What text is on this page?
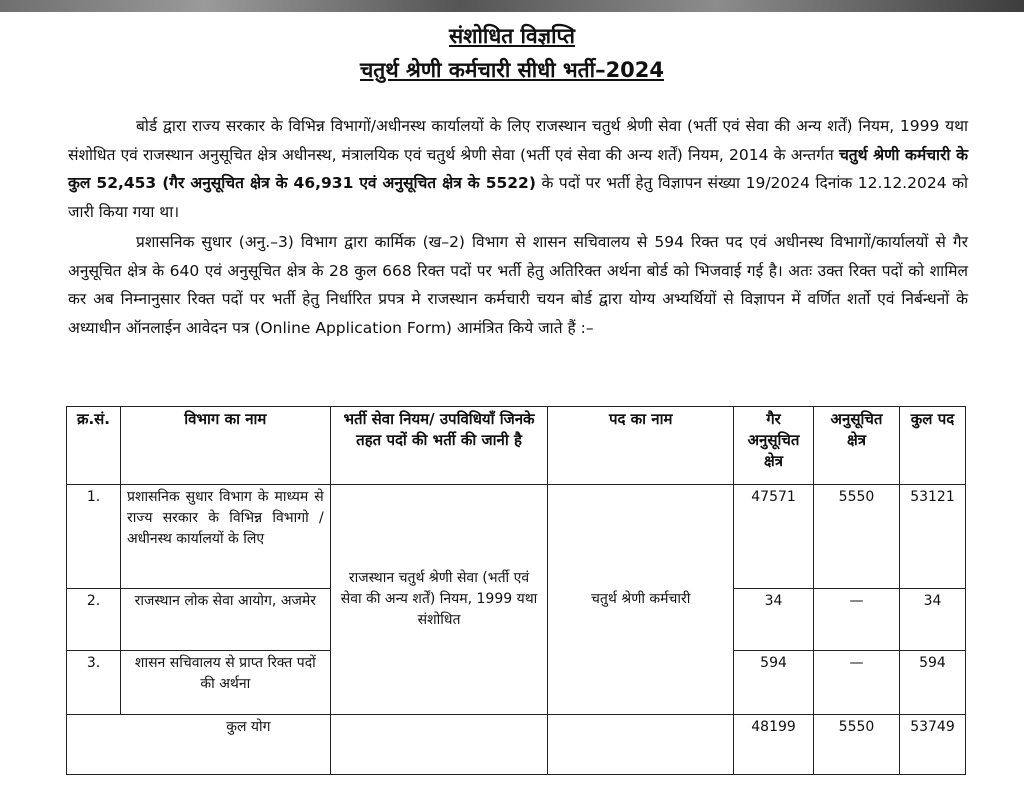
संशोधित विज्ञप्ति
चतुर्थ श्रेणी कर्मचारी सीधी भर्ती–2024
बोर्ड द्वारा राज्य सरकार के विभिन्न विभागों/अधीनस्थ कार्यालयों के लिए राजस्थान चतुर्थ श्रेणी सेवा (भर्ती एवं सेवा की अन्य शर्तें) नियम, 1999 यथा संशोधित एवं राजस्थान अनुसूचित क्षेत्र अधीनस्थ, मंत्रालयिक एवं चतुर्थ श्रेणी सेवा (भर्ती एवं सेवा की अन्य शर्तें) नियम, 2014 के अन्तर्गत चतुर्थ श्रेणी कर्मचारी के कुल 52,453 (गैर अनुसूचित क्षेत्र के 46,931 एवं अनुसूचित क्षेत्र के 5522) के पदों पर भर्ती हेतु विज्ञापन संख्या 19/2024 दिनांक 12.12.2024 को जारी किया गया था।
प्रशासनिक सुधार (अनु.–3) विभाग द्वारा कार्मिक (ख–2) विभाग से शासन सचिवालय से 594 रिक्त पद एवं अधीनस्थ विभागों/कार्यालयों से गैर अनुसूचित क्षेत्र के 640 एवं अनुसूचित क्षेत्र के 28 कुल 668 रिक्त पदों पर भर्ती हेतु अतिरिक्त अर्थना बोर्ड को भिजवाई गई है। अतः उक्त रिक्त पदों को शामिल कर अब निम्नानुसार रिक्त पदों पर भर्ती हेतु निर्धारित प्रपत्र मे राजस्थान कर्मचारी चयन बोर्ड द्वारा योग्य अभ्यर्थियों से विज्ञापन में वर्णित शर्तो एवं निर्बन्धनों के अध्याधीन ऑनलाईन आवेदन पत्र (Online Application Form) आमंत्रित किये जाते हैं :–
क्र.सं.	विभाग का नाम	भर्ती सेवा नियम/ उपविधियॉं जिनके तहत पदों की भर्ती की जानी है	पद का नाम	गैर अनुसूचित क्षेत्र	अनुसूचित क्षेत्र	कुल पद
1.	प्रशासनिक सुधार विभाग के माध्यम से राज्य सरकार के विभिन्न विभागो /अधीनस्थ कार्यालयों के लिए	राजस्थान चतुर्थ श्रेणी सेवा (भर्ती एवं सेवा की अन्य शर्तें) नियम, 1999 यथा संशोधित	चतुर्थ श्रेणी कर्मचारी	47571	5550	53121
2.	राजस्थान लोक सेवा आयोग, अजमेर			34	—	34
3.	शासन सचिवालय से प्राप्त रिक्त पदों की अर्थना			594	—	594
कुल योग				48199	5550	53749
